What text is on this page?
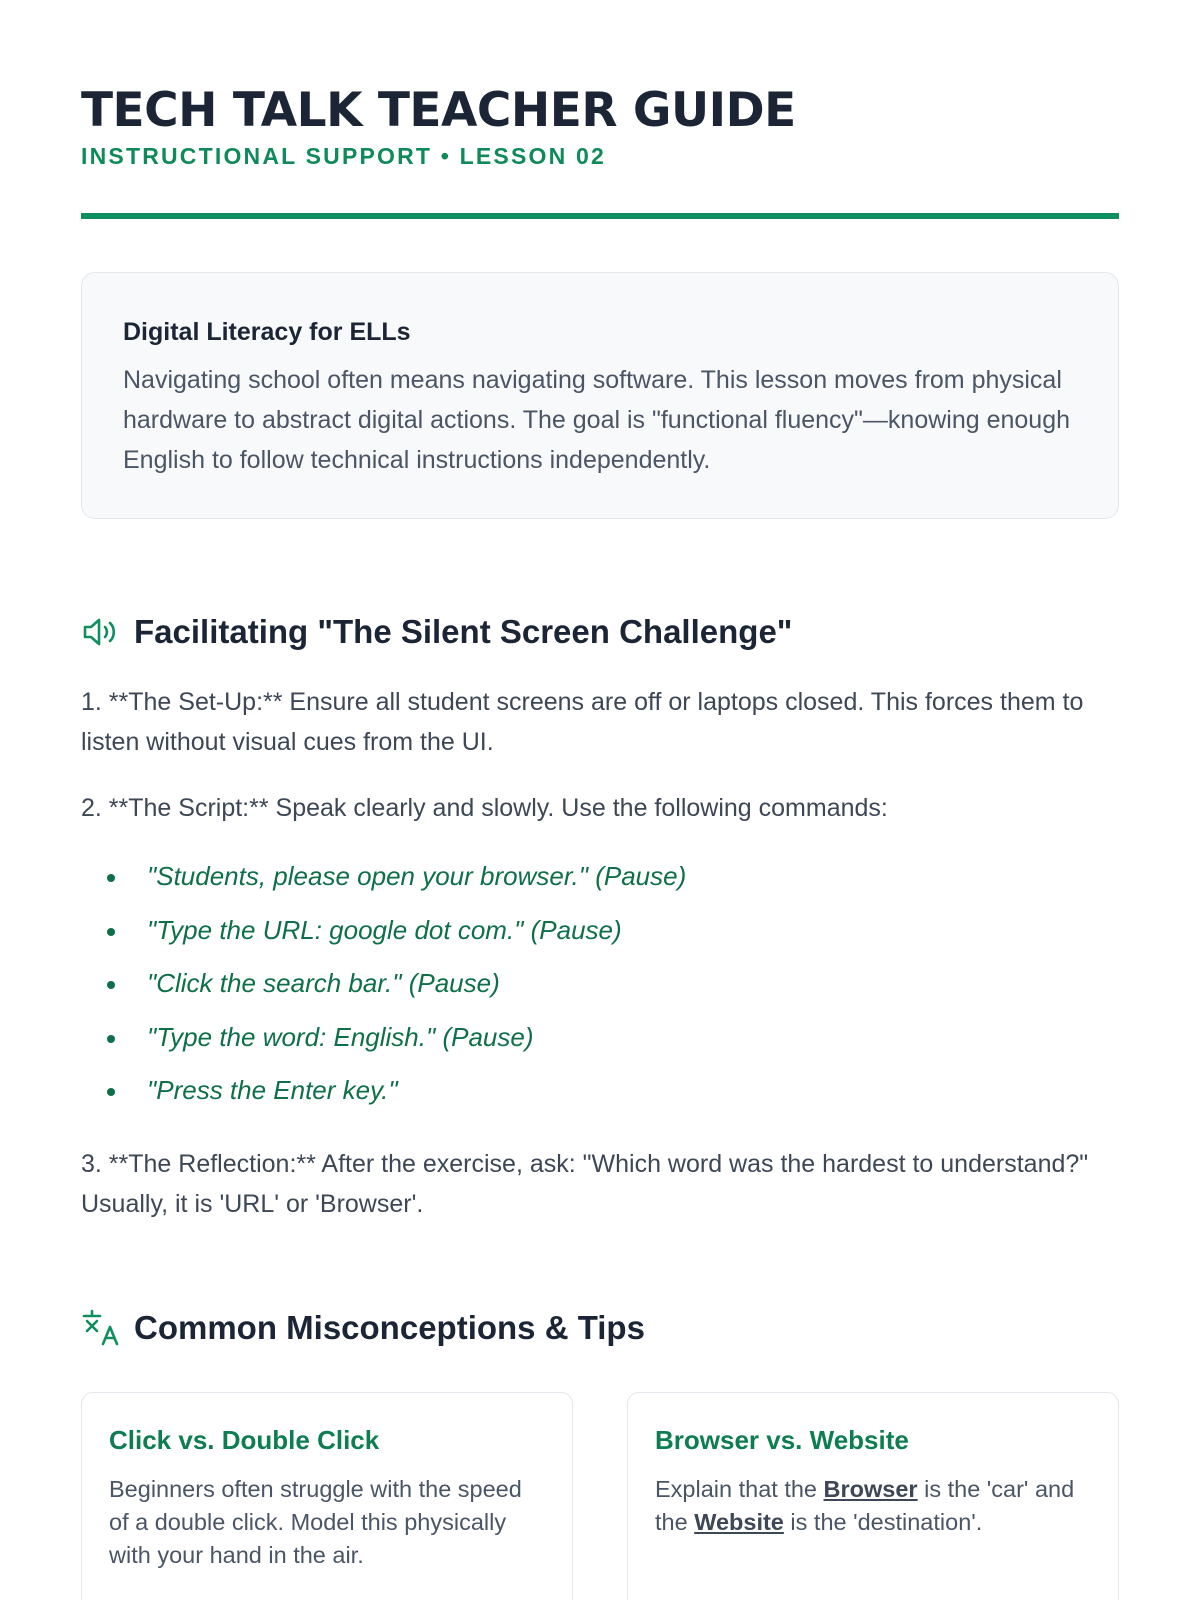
TECH TALK TEACHER GUIDE
INSTRUCTIONAL SUPPORT • LESSON 02

Digital Literacy for ELLs

Navigating school often means navigating software. This lesson moves from physical hardware to abstract digital actions. The goal is "functional fluency"—knowing enough English to follow technical instructions independently.

Facilitating "The Silent Screen Challenge"

1. **The Set-Up:** Ensure all student screens are off or laptops closed. This forces them to listen without visual cues from the UI.

2. **The Script:** Speak clearly and slowly. Use the following commands:

"Students, please open your browser." (Pause)
"Type the URL: google dot com." (Pause)
"Click the search bar." (Pause)
"Type the word: English." (Pause)
"Press the Enter key."

3. **The Reflection:** After the exercise, ask: "Which word was the hardest to understand?" Usually, it is 'URL' or 'Browser'.

Common Misconceptions & Tips

Click vs. Double Click

Beginners often struggle with the speed of a double click. Model this physically with your hand in the air.

Browser vs. Website

Explain that the Browser is the 'car' and the Website is the 'destination'.
